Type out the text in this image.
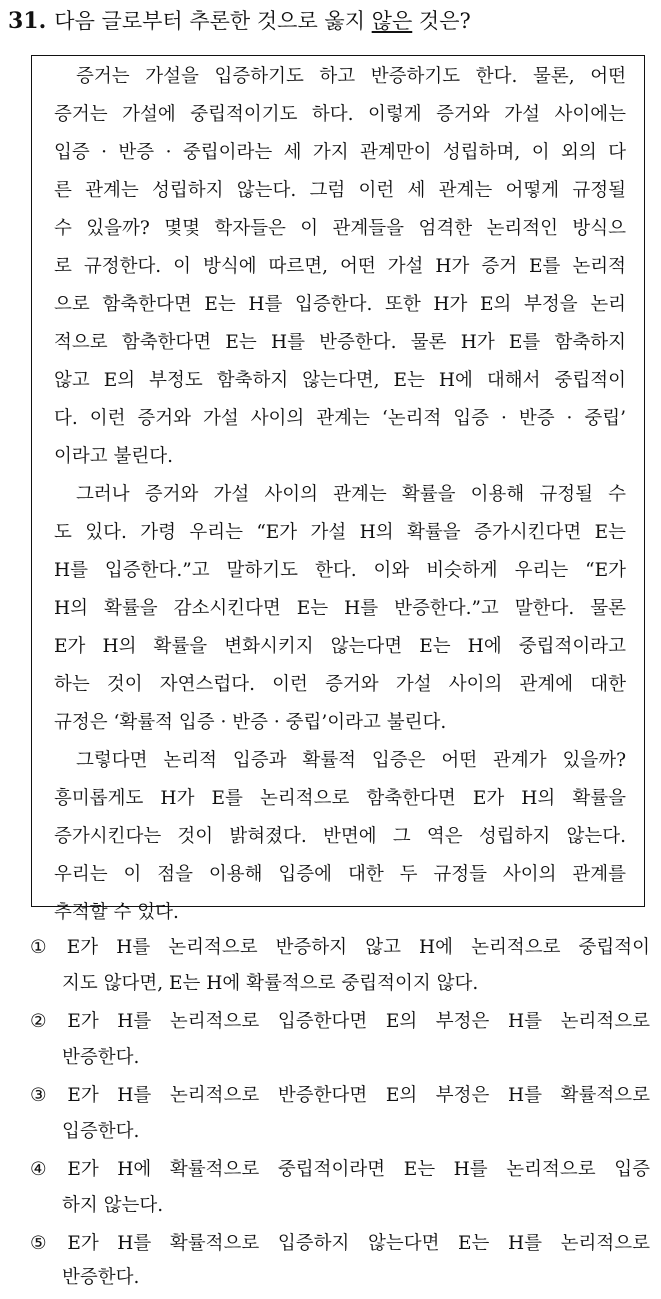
31. 다음 글로부터 추론한 것으로 옳지 않은 것은?
증거는 가설을 입증하기도 하고 반증하기도 한다. 물론, 어떤
증거는 가설에 중립적이기도 하다. 이렇게 증거와 가설 사이에는
입증 · 반증 · 중립이라는 세 가지 관계만이 성립하며, 이 외의 다
른 관계는 성립하지 않는다. 그럼 이런 세 관계는 어떻게 규정될
수 있을까? 몇몇 학자들은 이 관계들을 엄격한 논리적인 방식으
로 규정한다. 이 방식에 따르면, 어떤 가설 H가 증거 E를 논리적
으로 함축한다면 E는 H를 입증한다. 또한 H가 E의 부정을 논리
적으로 함축한다면 E는 H를 반증한다. 물론 H가 E를 함축하지
않고 E의 부정도 함축하지 않는다면, E는 H에 대해서 중립적이
다. 이런 증거와 가설 사이의 관계는 ‘논리적 입증 · 반증 · 중립’
이라고 불린다.
그러나 증거와 가설 사이의 관계는 확률을 이용해 규정될 수
도 있다. 가령 우리는 “E가 가설 H의 확률을 증가시킨다면 E는
H를 입증한다.”고 말하기도 한다. 이와 비슷하게 우리는 “E가
H의 확률을 감소시킨다면 E는 H를 반증한다.”고 말한다. 물론
E가 H의 확률을 변화시키지 않는다면 E는 H에 중립적이라고
하는 것이 자연스럽다. 이런 증거와 가설 사이의 관계에 대한
규정은 ‘확률적 입증 · 반증 · 중립’이라고 불린다.
그렇다면 논리적 입증과 확률적 입증은 어떤 관계가 있을까?
흥미롭게도 H가 E를 논리적으로 함축한다면 E가 H의 확률을
증가시킨다는 것이 밝혀졌다. 반면에 그 역은 성립하지 않는다.
우리는 이 점을 이용해 입증에 대한 두 규정들 사이의 관계를
추적할 수 있다.
① E가 H를 논리적으로 반증하지 않고 H에 논리적으로 중립적이
지도 않다면, E는 H에 확률적으로 중립적이지 않다.
② E가 H를 논리적으로 입증한다면 E의 부정은 H를 논리적으로
반증한다.
③ E가 H를 논리적으로 반증한다면 E의 부정은 H를 확률적으로
입증한다.
④ E가 H에 확률적으로 중립적이라면 E는 H를 논리적으로 입증
하지 않는다.
⑤ E가 H를 확률적으로 입증하지 않는다면 E는 H를 논리적으로
반증한다.
